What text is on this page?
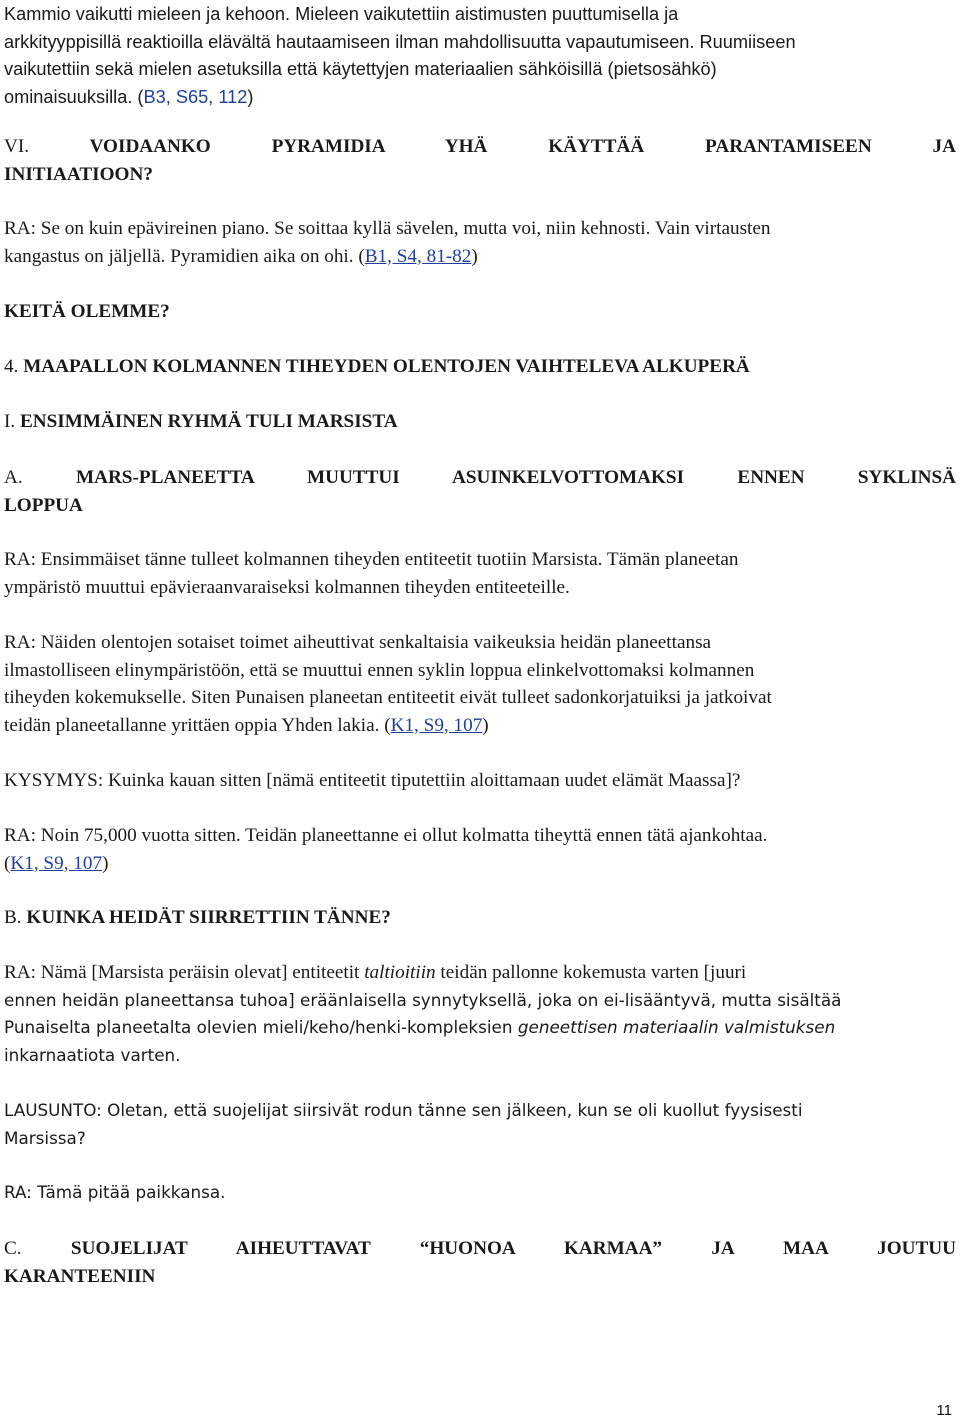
Kammio vaikutti mieleen ja kehoon. Mieleen vaikutettiin aistimusten puuttumisella ja

arkkityyppisillä reaktioilla elävältä hautaamiseen ilman mahdollisuutta vapautumiseen. Ruumiiseen

vaikutettiin sekä mielen asetuksilla että käytettyjen materiaalien sähköisillä (pietsosähkö)

ominaisuuksilla. (B3, S65, 112)

VI.	VOIDAANKO PYRAMIDIA YHÄ KÄYTTÄÄ PARANTAMISEEN JA

INITIAATIOON?

RA: Se on kuin epävireinen piano. Se soittaa kyllä sävelen, mutta voi, niin kehnosti. Vain virtausten

kangastus on jäljellä. Pyramidien aika on ohi. (B1, S4, 81-82)

KEITÄ OLEMME?
4. MAAPALLON KOLMANNEN TIHEYDEN OLENTOJEN VAIHTELEVA ALKUPERÄ
I. ENSIMMÄINEN RYHMÄ TULI MARSISTA

A.	MARS-PLANEETTA MUUTTUI ASUINKELVOTTOMAKSI ENNEN SYKLINSÄ

LOPPUA

RA: Ensimmäiset tänne tulleet kolmannen tiheyden entiteetit tuotiin Marsista. Tämän planeetan

ympäristö muuttui epävieraanvaraiseksi kolmannen tiheyden entiteeteille.

RA: Näiden olentojen sotaiset toimet aiheuttivat senkaltaisia vaikeuksia heidän planeettansa

ilmastolliseen elinympäristöön, että se muuttui ennen syklin loppua elinkelvottomaksi kolmannen

tiheyden kokemukselle. Siten Punaisen planeetan entiteetit eivät tulleet sadonkorjatuiksi ja jatkoivat

teidän planeetallanne yrittäen oppia Yhden lakia. (K1, S9, 107)

KYSYMYS: Kuinka kauan sitten [nämä entiteetit tiputettiin aloittamaan uudet elämät Maassa]?

RA: Noin 75,000 vuotta sitten. Teidän planeettanne ei ollut kolmatta tiheyttä ennen tätä ajankohtaa.

(K1, S9, 107)

B. KUINKA HEIDÄT SIIRRETTIIN TÄNNE?

RA: Nämä [Marsista peräisin olevat] entiteetit taltioitiin teidän pallonne kokemusta varten [juuri

ennen heidän planeettansa tuhoa] eräänlaisella synnytyksellä, joka on ei-lisääntyvä, mutta sisältää

Punaiselta planeetalta olevien mieli/keho/henki-kompleksien geneettisen materiaalin valmistuksen

inkarnaatiota varten.

LAUSUNTO: Oletan, että suojelijat siirsivät rodun tänne sen jälkeen, kun se oli kuollut fyysisesti

Marsissa?

RA: Tämä pitää paikkansa.

C.	SUOJELIJAT AIHEUTTAVAT “HUONOA KARMAA” JA MAA JOUTUU

KARANTEENIIN

11
